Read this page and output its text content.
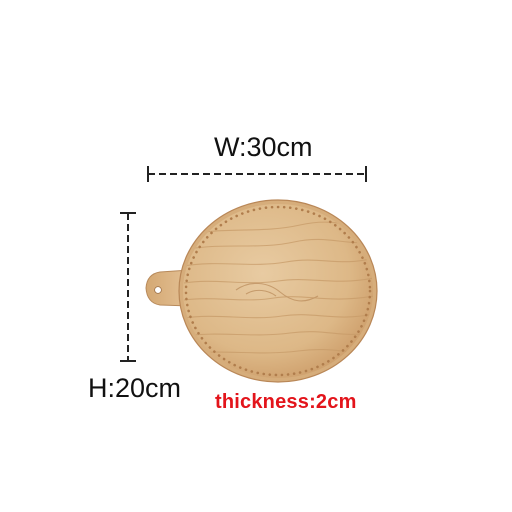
W:30cm
H:20cm thickness:2cm
